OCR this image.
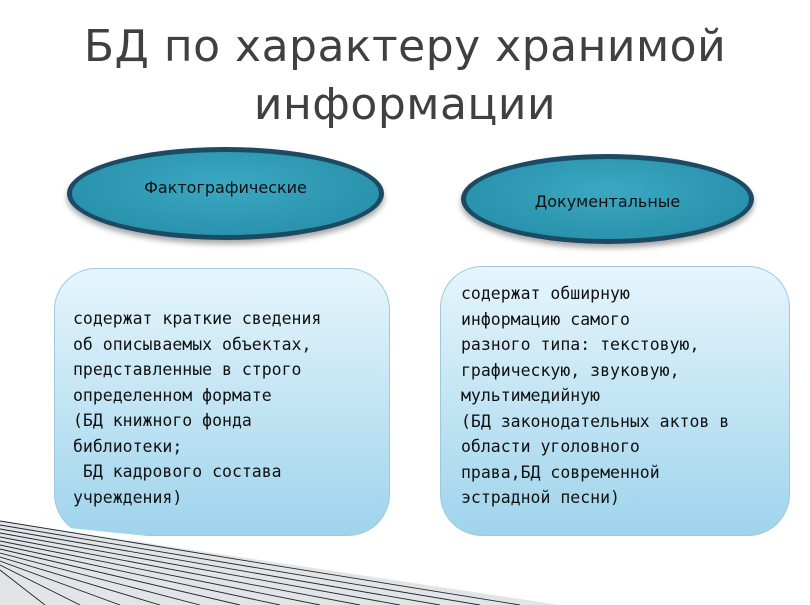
БД по характеру хранимой
информации
Фактографические
Документальные
содержат краткие сведения
об описываемых объектах,
представленные в строго
определенном формате
(БД книжного фонда
библиотеки;
БД кадрового состава
учреждения)
содержат обширную
информацию самого
разного типа: текстовую,
графическую, звуковую,
мультимедийную
(БД законодательных актов в
области уголовного
права,БД современной
эстрадной песни)
